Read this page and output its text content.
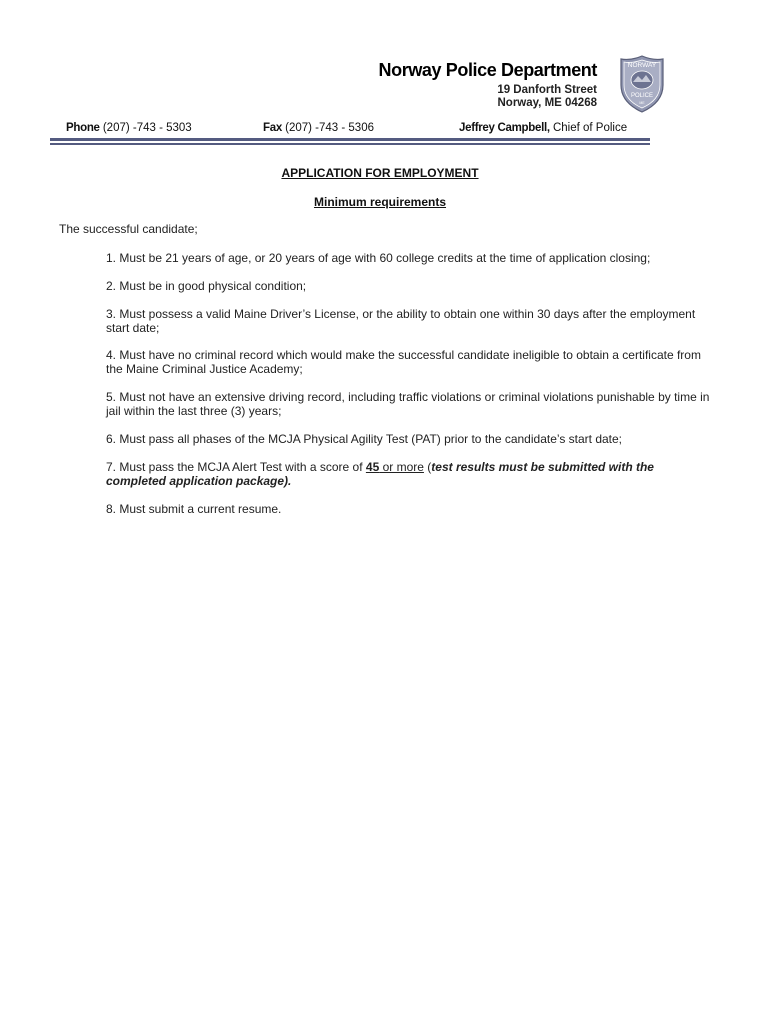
Norway Police Department
19 Danforth Street
Norway, ME 04268
NORWAY
POLICE
ME
Phone (207) -743 - 5303	Fax (207) -743 - 5306	Jeffrey Campbell, Chief of Police
APPLICATION FOR EMPLOYMENT
Minimum requirements
The successful candidate;
1. Must be 21 years of age, or 20 years of age with 60 college credits at the time of application closing;
2. Must be in good physical condition;
3. Must possess a valid Maine Driver’s License, or the ability to obtain one within 30 days after the employment start date;
4. Must have no criminal record which would make the successful candidate ineligible to obtain a certificate from the Maine Criminal Justice Academy;
5. Must not have an extensive driving record, including traffic violations or criminal violations punishable by time in jail within the last three (3) years;
6. Must pass all phases of the MCJA Physical Agility Test (PAT) prior to the candidate’s start date;
7. Must pass the MCJA Alert Test with a score of 45 or more (test results must be submitted with the completed application package).
8. Must submit a current resume.
